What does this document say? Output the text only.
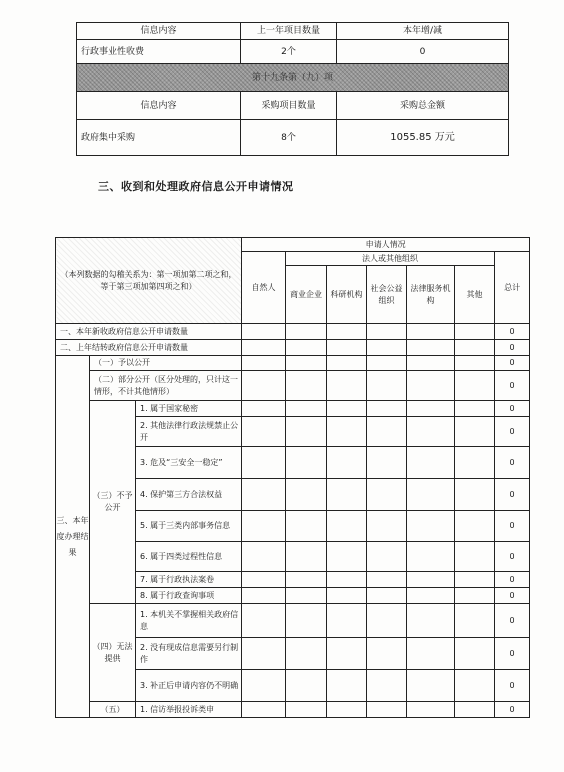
信息内容	上一年项目数量	本年增/减
行政事业性收费	2个	0
第十九条第（九）项		
信息内容	采购项目数量	采购总金额
政府集中采购	8个	1055.85 万元
三、收到和处理政府信息公开申请情况
（本列数据的勾稽关系为：第一项加第二项之和，等于第三项加第四项之和）			申请人情况						
			自然人	法人或其他组织					总计
				商业企业	科研机构	社会公益组织	法律服务机构	其他	
一、本年新收政府信息公开申请数量									0
二、上年结转政府信息公开申请数量									0
三、本年度办理结果	（一）予以公开								0
	（二）部分公开（区分处理的，只计这一情形，不计其他情形）								0
	（三）不予公开	1. 属于国家秘密							0
		2. 其他法律行政法规禁止公开							0
		3. 危及“三安全一稳定”							0
		4. 保护第三方合法权益							0
		5. 属于三类内部事务信息							0
		6. 属于四类过程性信息							0
		7. 属于行政执法案卷							0
		8. 属于行政查询事项							0
	（四）无法提供	1. 本机关不掌握相关政府信息							0
		2. 没有现成信息需要另行制作							0
		3. 补正后申请内容仍不明确							0
	（五）	1. 信访举报投诉类申							0
